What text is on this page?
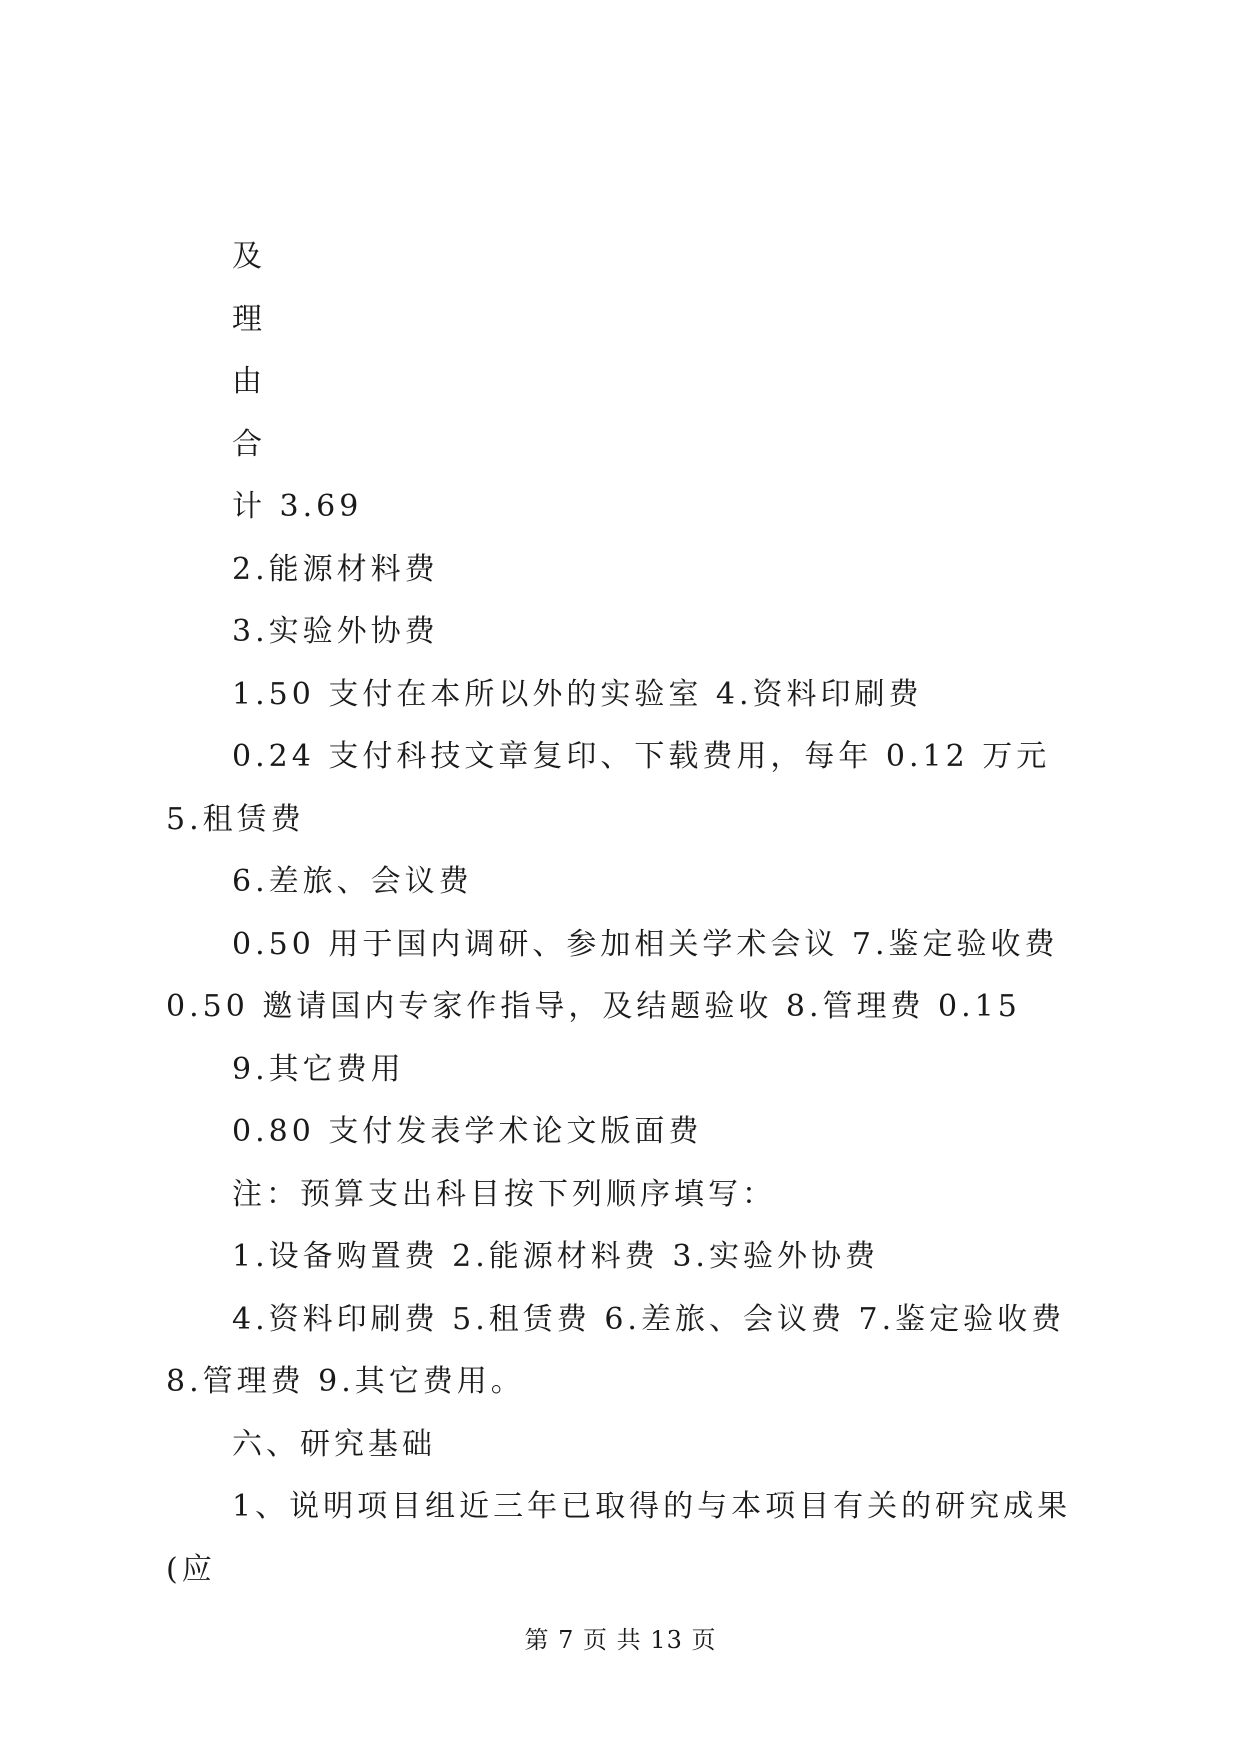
及

理

由

合

计 3.69

2.能源材料费

3.实验外协费

1.50 支付在本所以外的实验室 4.资料印刷费

0.24 支付科技文章复印、下载费用，每年 0.12 万元 5.租赁费

6.差旅、会议费

0.50 用于国内调研、参加相关学术会议 7.鉴定验收费 0.50 邀请国内专家作指导，及结题验收 8.管理费 0.15

9.其它费用

0.80 支付发表学术论文版面费

注：预算支出科目按下列顺序填写：

1.设备购置费 2.能源材料费 3.实验外协费

4.资料印刷费 5.租赁费 6.差旅、会议费 7.鉴定验收费 8.管理费 9.其它费用。

六、研究基础

1、说明项目组近三年已取得的与本项目有关的研究成果(应

第 7 页 共 13 页
